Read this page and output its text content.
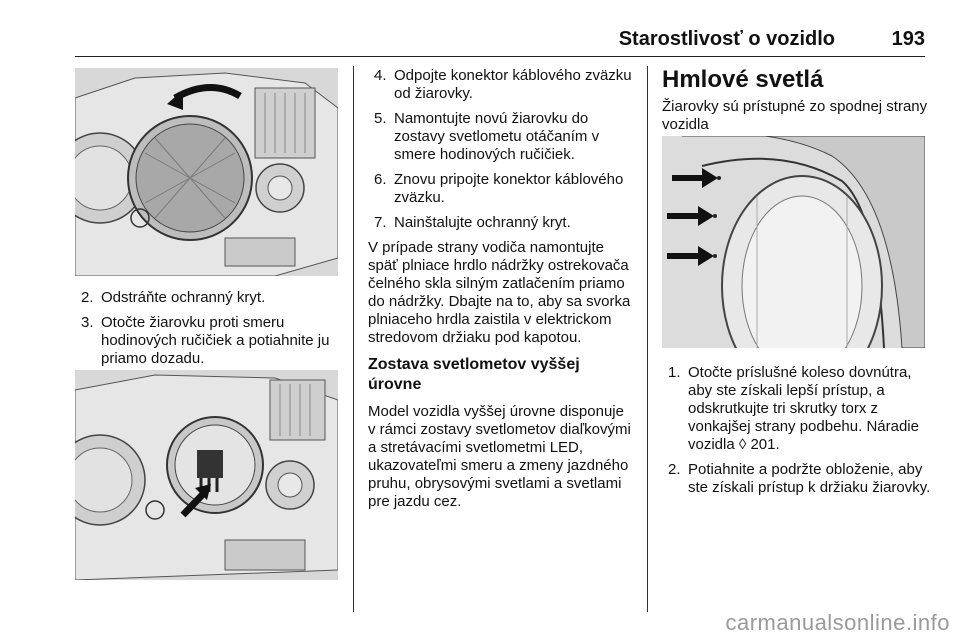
Starostlivosť o vozidlo	193
2. Odstráňte ochranný kryt.
3. Otočte žiarovku proti smeru hodinových ručičiek a potiahnite ju priamo dozadu.
4. Odpojte konektor káblového zväzku od žiarovky.
5. Namontujte novú žiarovku do zostavy svetlometu otáčaním v smere hodinových ručičiek.
6. Znovu pripojte konektor káblového zväzku.
7. Nainštalujte ochranný kryt.

V prípade strany vodiča namontujte späť plniace hrdlo nádržky ostrekovača čelného skla silným zatlačením priamo do nádržky. Dbajte na to, aby sa svorka plniaceho hrdla zaistila v elektrickom stredovom držiaku pod kapotou.

Zostava svetlometov vyššej úrovne

Model vozidla vyššej úrovne disponuje v rámci zostavy svetlometov diaľkovými a stretávacími svetlometmi LED, ukazovateľmi smeru a zmeny jazdného pruhu, obrysovými svetlami a svetlami pre jazdu cez.

Hmlové svetlá

Žiarovky sú prístupné zo spodnej strany vozidla

1. Otočte príslušné koleso dovnútra, aby ste získali lepší prístup, a odskrutkujte tri skrutky torx z vonkajšej strany podbehu. Náradie vozidla ◊ 201.
2. Potiahnite a podržte obloženie, aby ste získali prístup k držiaku žiarovky.
carmanualsonline.info
